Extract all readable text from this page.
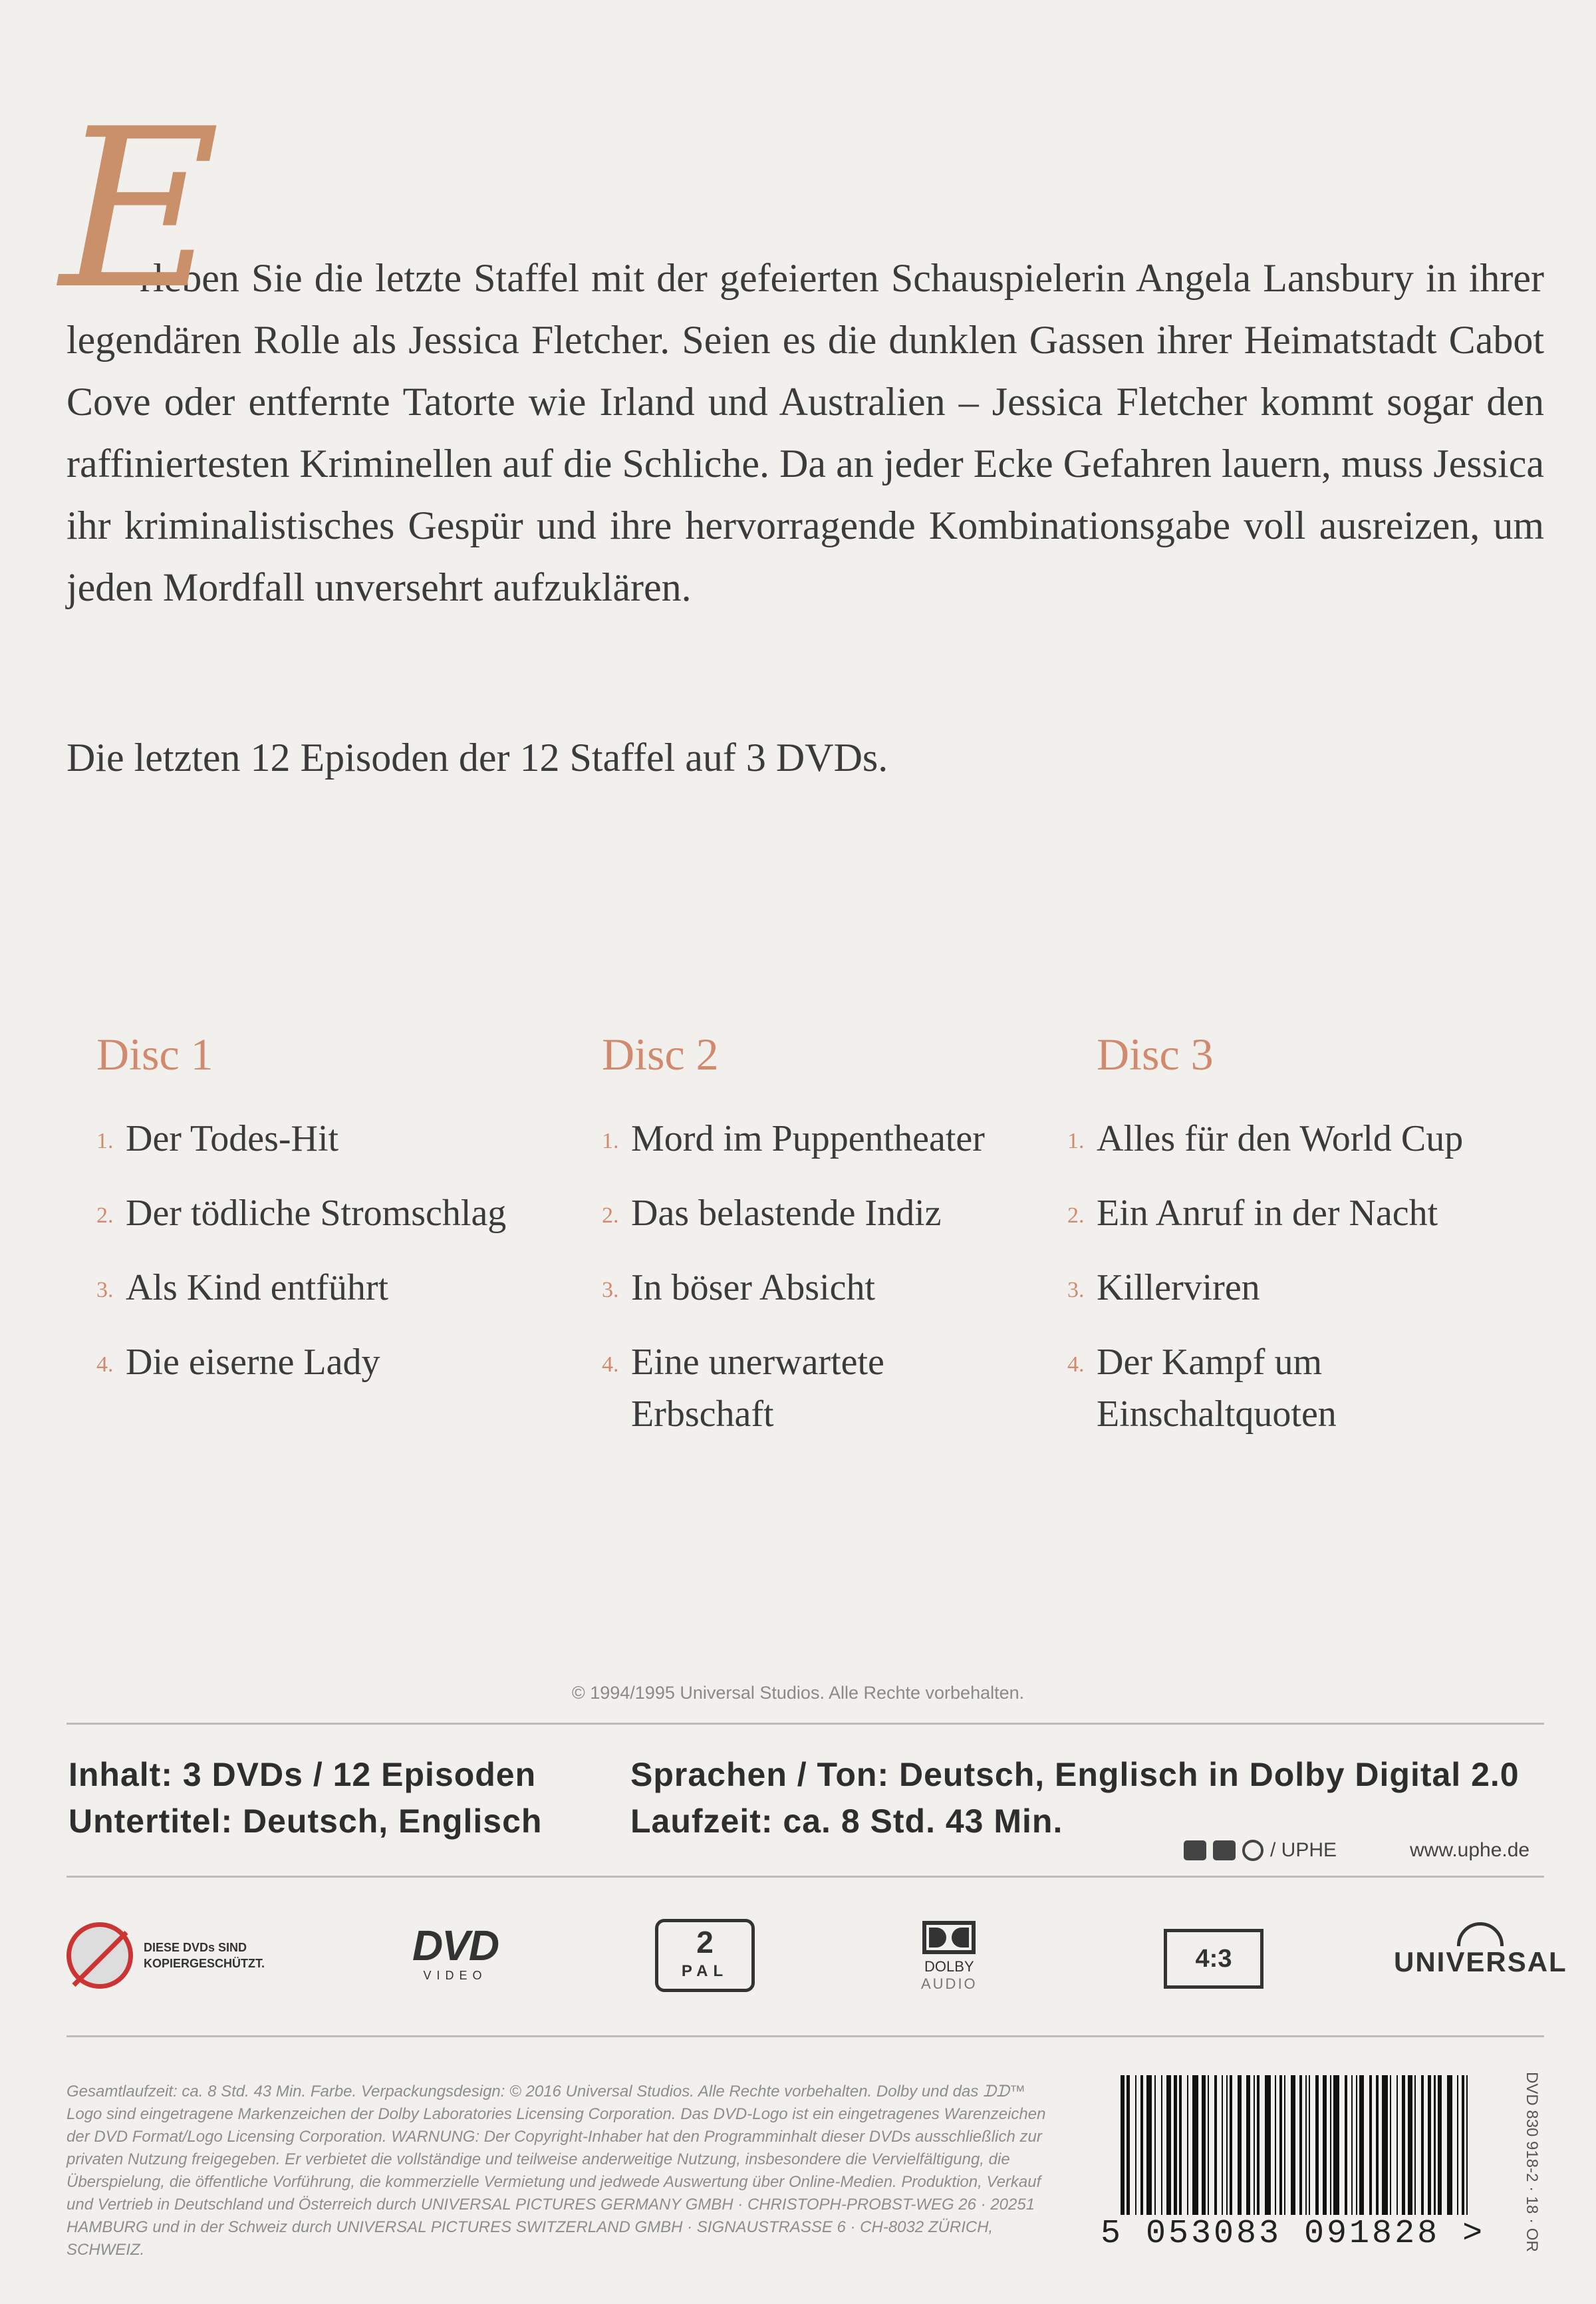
E

rleben Sie die letzte Staffel mit der gefeierten Schauspielerin Angela Lansbury in ihrer legendären Rolle als Jessica Fletcher. Seien es die dunklen Gassen ihrer Heimatstadt Cabot Cove oder entfernte Tatorte wie Irland und Australien – Jessica Fletcher kommt sogar den raffiniertesten Kriminellen auf die Schliche. Da an jeder Ecke Gefahren lauern, muss Jessica ihr kriminalistisches Gespür und ihre hervorragende Kombinationsgabe voll ausreizen, um jeden Mordfall unversehrt aufzuklären.

Die letzten 12 Episoden der 12 Staffel auf 3 DVDs.
Disc 1
1. Der Todes-Hit
2. Der tödliche Stromschlag
3. Als Kind entführt
4. Die eiserne Lady
Disc 2
1. Mord im Puppentheater
2. Das belastende Indiz
3. In böser Absicht
4. Eine unerwartete Erbschaft
Disc 3
1. Alles für den World Cup
2. Ein Anruf in der Nacht
3. Killerviren
4. Der Kampf um Einschaltquoten
© 1994/1995 Universal Studios. Alle Rechte vorbehalten.
Inhalt: 3 DVDs / 12 Episoden
Untertitel: Deutsch, Englisch
Sprachen / Ton: Deutsch, Englisch in Dolby Digital 2.0
Laufzeit: ca. 8 Std. 43 Min.
/ UPHE	www.uphe.de
DIESE DVDs SIND KOPIERGESCHÜTZT.	DVD
VIDEO
2
PAL	DOLBY
AUDIO
4:3	UNIVERSAL
Gesamtlaufzeit: ca. 8 Std. 43 Min. Farbe. Verpackungsdesign: © 2016 Universal Studios. Alle Rechte vorbehalten. Dolby und das ᗪᗪ™ Logo sind eingetragene Markenzeichen der Dolby Laboratories Licensing Corporation. Das DVD-Logo ist ein eingetragenes Warenzeichen der DVD Format/Logo Licensing Corporation. WARNUNG: Der Copyright-Inhaber hat den Programminhalt dieser DVDs ausschließlich zur privaten Nutzung freigegeben. Er verbietet die vollständige und teilweise anderweitige Nutzung, insbesondere die Vervielfältigung, die Überspielung, die öffentliche Vorführung, die kommerzielle Vermietung und jedwede Auswertung über Online-Medien. Produktion, Verkauf und Vertrieb in Deutschland und Österreich durch UNIVERSAL PICTURES GERMANY GMBH · CHRISTOPH-PROBST-WEG 26 · 20251 HAMBURG und in der Schweiz durch UNIVERSAL PICTURES SWITZERLAND GMBH · SIGNAUSTRASSE 6 · CH-8032 ZÜRICH, SCHWEIZ.	5 053083 091828 >	DVD 830 918-2 · 18 · OR
